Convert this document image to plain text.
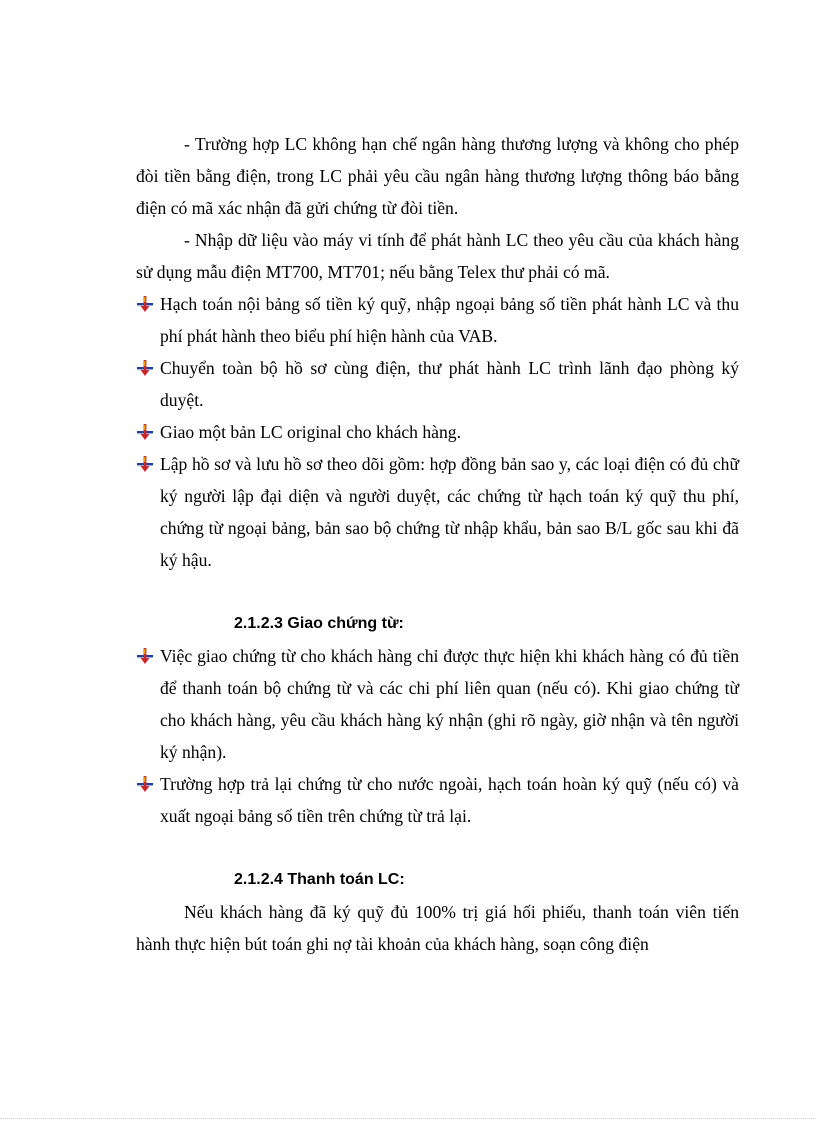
- Trường hợp LC không hạn chế ngân hàng thương lượng và không cho phép đòi tiền bằng điện, trong LC phải yêu cầu ngân hàng thương lượng thông báo bằng điện có mã xác nhận đã gửi chứng từ đòi tiền.

- Nhập dữ liệu vào máy vi tính để phát hành LC theo yêu cầu của khách hàng sử dụng mẫu điện MT700, MT701; nếu bằng Telex thư phải có mã.

Hạch toán nội bảng số tiền ký quỹ, nhập ngoại bảng số tiền phát hành LC và thu phí phát hành theo biểu phí hiện hành của VAB.

Chuyển toàn bộ hồ sơ cùng điện, thư phát hành LC trình lãnh đạo phòng ký duyệt.

Giao một bản LC original cho khách hàng.

Lập hồ sơ và lưu hồ sơ theo dõi gồm: hợp đồng bản sao y, các loại điện có đủ chữ ký người lập đại diện và người duyệt, các chứng từ hạch toán ký quỹ thu phí, chứng từ ngoại bảng, bản sao bộ chứng từ nhập khẩu, bản sao B/L gốc sau khi đã ký hậu.

2.1.2.3 Giao chứng từ:

Việc giao chứng từ cho khách hàng chỉ được thực hiện khi khách hàng có đủ tiền để thanh toán bộ chứng từ và các chi phí liên quan (nếu có). Khi giao chứng từ cho khách hàng, yêu cầu khách hàng ký nhận (ghi rõ ngày, giờ nhận và tên người ký nhận).

Trường hợp trả lại chứng từ cho nước ngoài, hạch toán hoàn ký quỹ (nếu có) và xuất ngoại bảng số tiền trên chứng từ trả lại.

2.1.2.4 Thanh toán LC:

Nếu khách hàng đã ký quỹ đủ 100% trị giá hối phiếu, thanh toán viên tiến hành thực hiện bút toán ghi nợ tài khoản của khách hàng, soạn công điện
